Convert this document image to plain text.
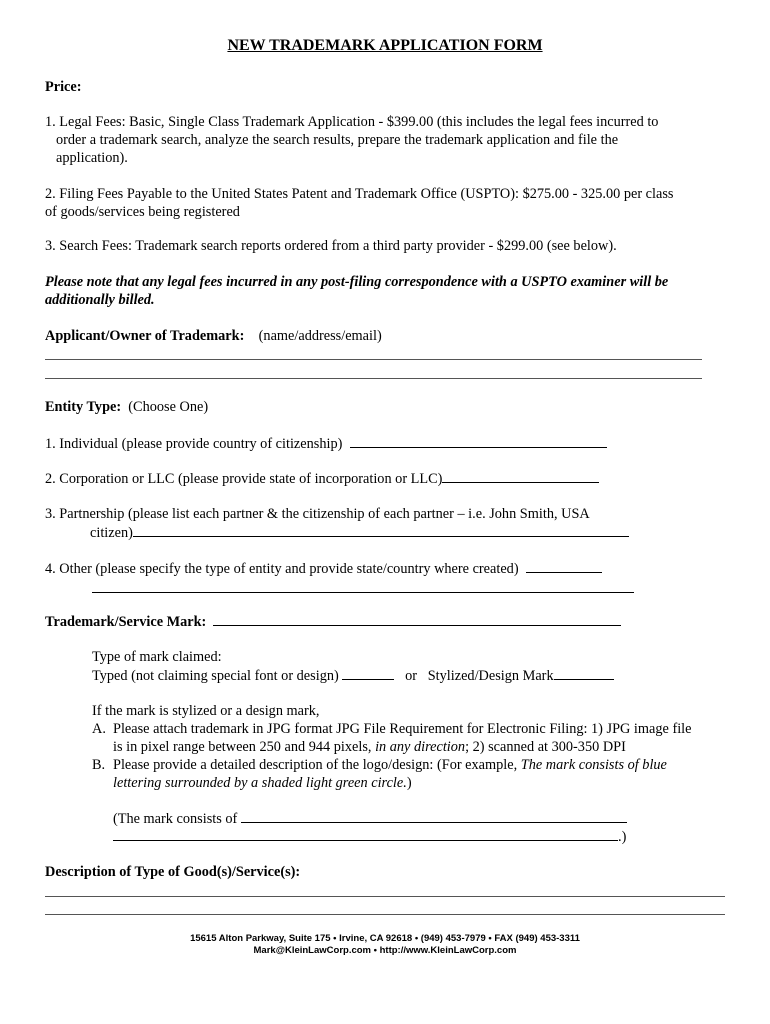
NEW TRADEMARK APPLICATION FORM
Price:
1. Legal Fees: Basic, Single Class Trademark Application - $399.00 (this includes the legal fees incurred to
order a trademark search, analyze the search results, prepare the trademark application and file the
application).
2. Filing Fees Payable to the United States Patent and Trademark Office (USPTO): $275.00 - 325.00 per class
of goods/services being registered
3. Search Fees: Trademark search reports ordered from a third party provider - $299.00 (see below).
Please note that any legal fees incurred in any post-filing correspondence with a USPTO examiner will be
additionally billed.
Applicant/Owner of Trademark: (name/address/email)
Entity Type: (Choose One)
1. Individual (please provide country of citizenship)
2. Corporation or LLC (please provide state of incorporation or LLC)
3. Partnership (please list each partner & the citizenship of each partner – i.e. John Smith, USA
citizen)
4. Other (please specify the type of entity and provide state/country where created)
Trademark/Service Mark:
Type of mark claimed:
Typed (not claiming special font or design)	or Stylized/Design Mark
If the mark is stylized or a design mark,
A. Please attach trademark in JPG format JPG File Requirement for Electronic Filing: 1) JPG image file
is in pixel range between 250 and 944 pixels, in any direction; 2) scanned at 300-350 DPI
B. Please provide a detailed description of the logo/design: (For example, The mark consists of blue
lettering surrounded by a shaded light green circle.)
(The mark consists of
.)
Description of Type of Good(s)/Service(s):
15615 Alton Parkway, Suite 175 • Irvine, CA 92618 • (949) 453-7979 • FAX (949) 453-3311
Mark@KleinLawCorp.com • http://www.KleinLawCorp.com
